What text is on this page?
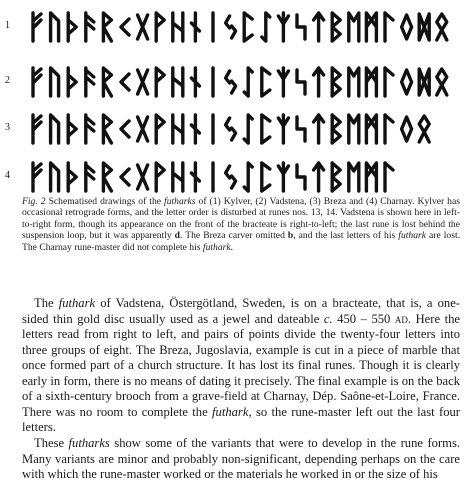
1
2
3
4

Fig. 2 Schematised drawings of the futharks of (1) Kylver, (2) Vadstena, (3) Breza and (4) Charnay. Kylver has occasional retrograde forms, and the letter order is disturbed at runes nos. 13, 14. Vadstena is shown here in left-to-right form, though its appearance on the front of the bracteate is right-to-left; the last rune is lost behind the suspension loop, but it was apparently d. The Breza carver omitted b, and the last letters of his futhark are lost. The Charnay rune-master did not complete his futhark.

The futhark of Vadstena, Östergötland, Sweden, is on a bracteate, that is, a one-sided thin gold disc usually used as a jewel and dateable c. 450 – 550 ad. Here the letters read from right to left, and pairs of points divide the twenty-four letters into three groups of eight. The Breza, Jugoslavia, example is cut in a piece of marble that once formed part of a church structure. It has lost its final runes. Though it is clearly early in form, there is no means of dating it precisely. The final example is on the back of a sixth-century brooch from a grave-field at Charnay, Dép. Saône-et-Loire, France. There was no room to complete the futhark, so the rune-master left out the last four letters.

These futharks show some of the variants that were to develop in the rune forms. Many variants are minor and probably non-significant, depending perhaps on the care with which the rune-master worked or the materials he worked in or the size of his
